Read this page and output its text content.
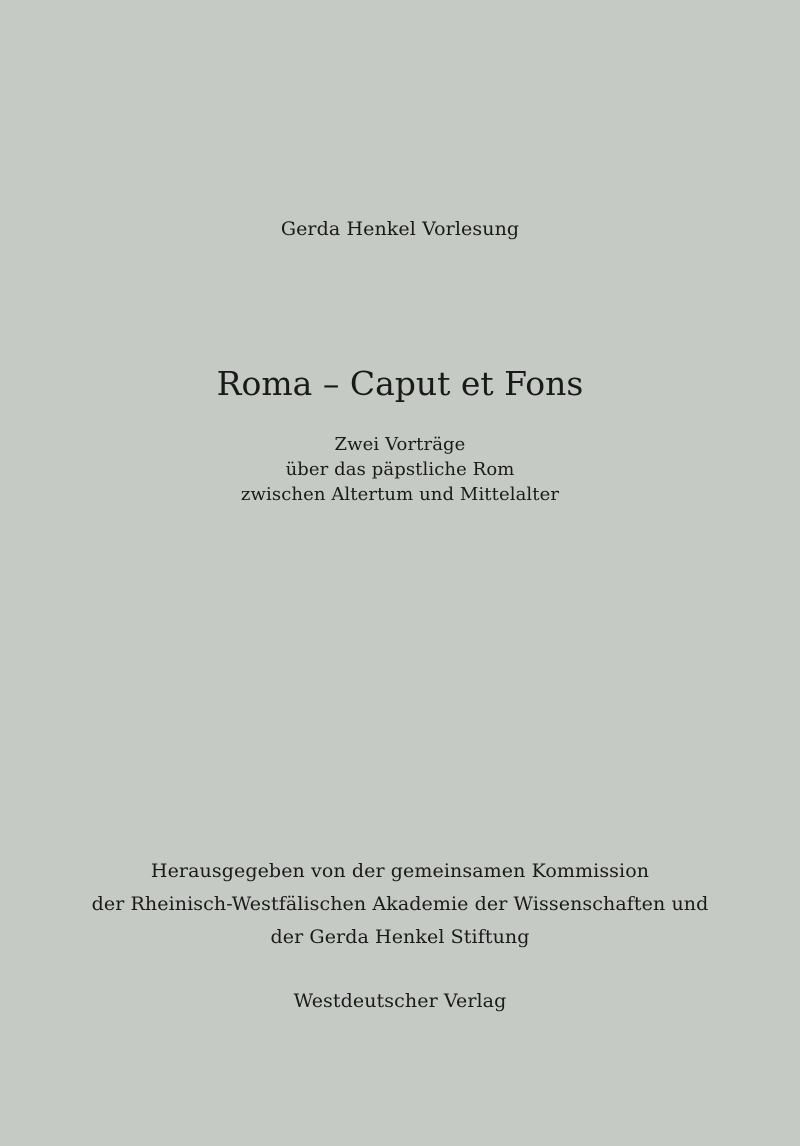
Gerda Henkel Vorlesung
Roma – Caput et Fons
Zwei Vorträge
über das päpstliche Rom
zwischen Altertum und Mittelalter
Herausgegeben von der gemeinsamen Kommission
der Rheinisch-Westfälischen Akademie der Wissenschaften und
der Gerda Henkel Stiftung
Westdeutscher Verlag
